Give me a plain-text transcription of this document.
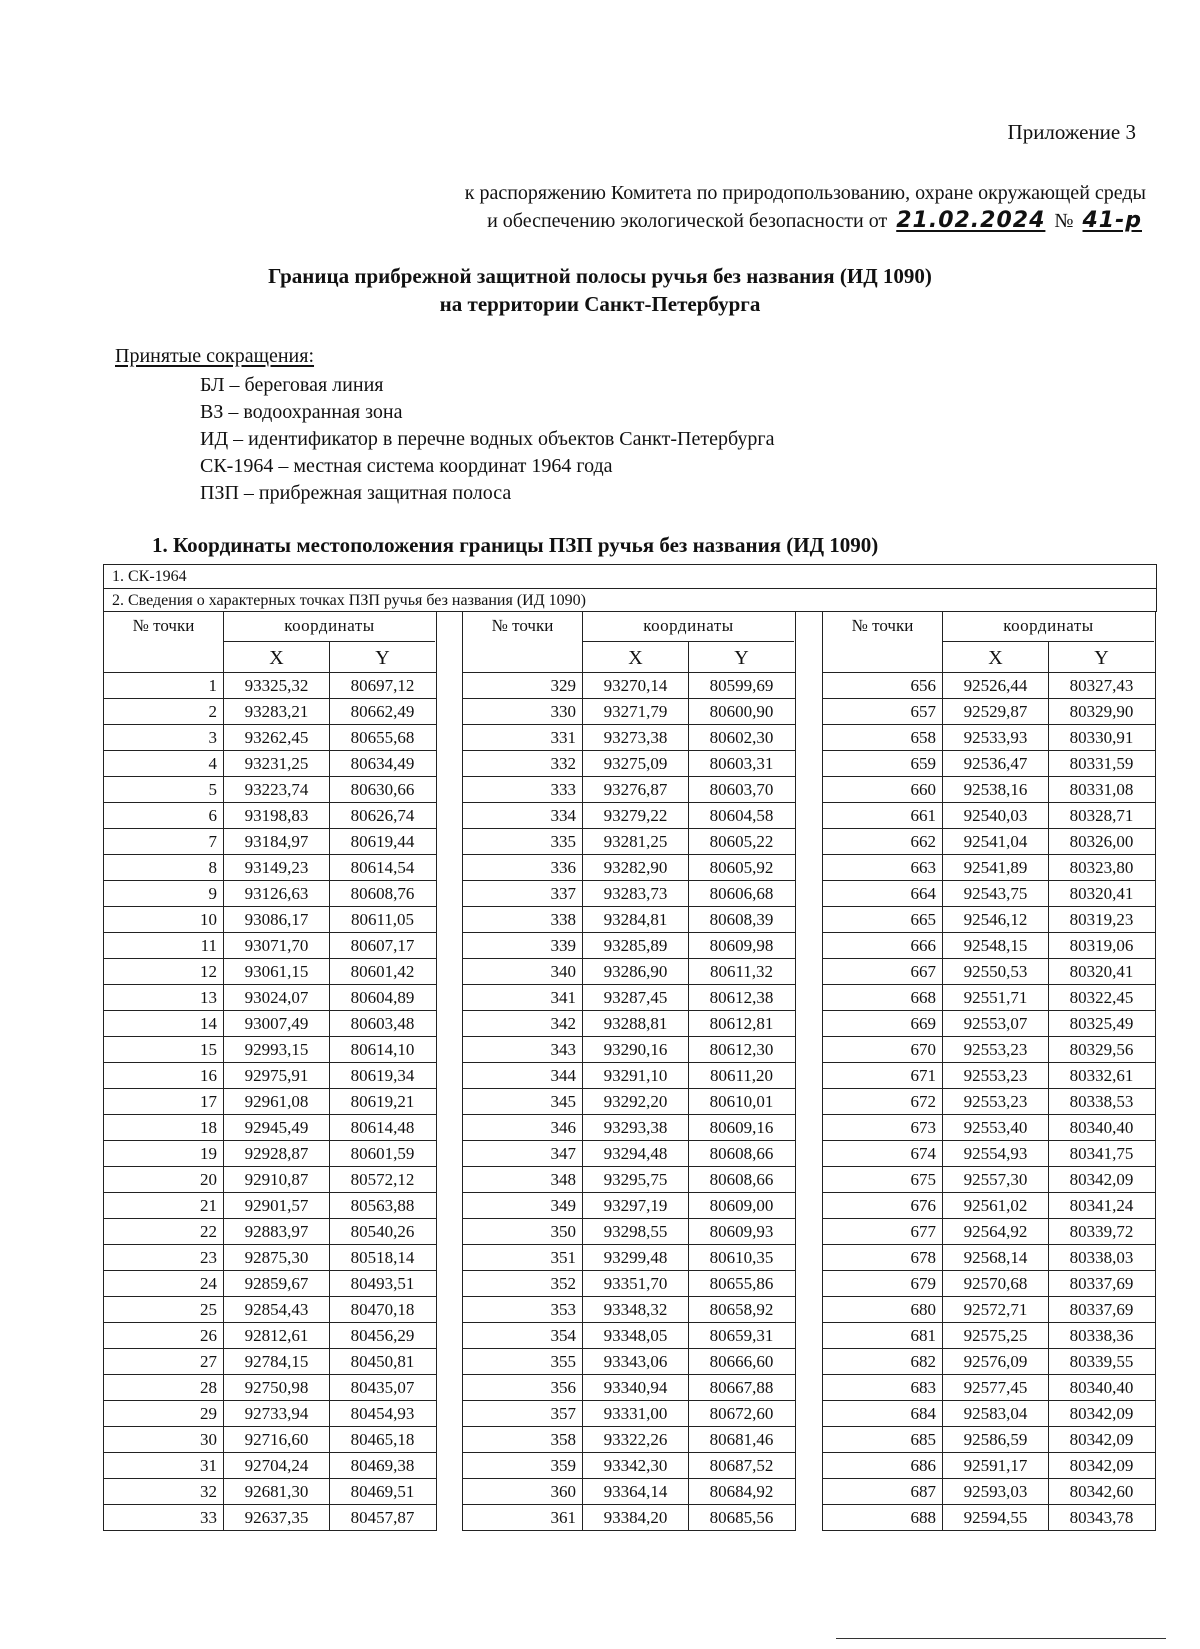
Приложение 3
к распоряжению Комитета по природопользованию, охране окружающей среды
и обеспечению экологической безопасности от 21.02.2024 № 41-р
Граница прибрежной защитной полосы ручья без названия (ИД 1090)
на территории Санкт-Петербурга
Принятые сокращения:
БЛ – береговая линия
ВЗ – водоохранная зона
ИД – идентификатор в перечне водных объектов Санкт-Петербурга
СК-1964 – местная система координат 1964 года
ПЗП – прибрежная защитная полоса
1. Координаты местоположения границы ПЗП ручья без названия (ИД 1090)
1. СК-1964
2. Сведения о характерных точках ПЗП ручья без названия (ИД 1090)
№ точки	координаты
X	Y
1	93325,32	80697,12
2	93283,21	80662,49
3	93262,45	80655,68
4	93231,25	80634,49
5	93223,74	80630,66
6	93198,83	80626,74
7	93184,97	80619,44
8	93149,23	80614,54
9	93126,63	80608,76
10	93086,17	80611,05
11	93071,70	80607,17
12	93061,15	80601,42
13	93024,07	80604,89
14	93007,49	80603,48
15	92993,15	80614,10
16	92975,91	80619,34
17	92961,08	80619,21
18	92945,49	80614,48
19	92928,87	80601,59
20	92910,87	80572,12
21	92901,57	80563,88
22	92883,97	80540,26
23	92875,30	80518,14
24	92859,67	80493,51
25	92854,43	80470,18
26	92812,61	80456,29
27	92784,15	80450,81
28	92750,98	80435,07
29	92733,94	80454,93
30	92716,60	80465,18
31	92704,24	80469,38
32	92681,30	80469,51
33	92637,35	80457,87
№ точки	координаты
X	Y
329	93270,14	80599,69
330	93271,79	80600,90
331	93273,38	80602,30
332	93275,09	80603,31
333	93276,87	80603,70
334	93279,22	80604,58
335	93281,25	80605,22
336	93282,90	80605,92
337	93283,73	80606,68
338	93284,81	80608,39
339	93285,89	80609,98
340	93286,90	80611,32
341	93287,45	80612,38
342	93288,81	80612,81
343	93290,16	80612,30
344	93291,10	80611,20
345	93292,20	80610,01
346	93293,38	80609,16
347	93294,48	80608,66
348	93295,75	80608,66
349	93297,19	80609,00
350	93298,55	80609,93
351	93299,48	80610,35
352	93351,70	80655,86
353	93348,32	80658,92
354	93348,05	80659,31
355	93343,06	80666,60
356	93340,94	80667,88
357	93331,00	80672,60
358	93322,26	80681,46
359	93342,30	80687,52
360	93364,14	80684,92
361	93384,20	80685,56
№ точки	координаты
X	Y
656	92526,44	80327,43
657	92529,87	80329,90
658	92533,93	80330,91
659	92536,47	80331,59
660	92538,16	80331,08
661	92540,03	80328,71
662	92541,04	80326,00
663	92541,89	80323,80
664	92543,75	80320,41
665	92546,12	80319,23
666	92548,15	80319,06
667	92550,53	80320,41
668	92551,71	80322,45
669	92553,07	80325,49
670	92553,23	80329,56
671	92553,23	80332,61
672	92553,23	80338,53
673	92553,40	80340,40
674	92554,93	80341,75
675	92557,30	80342,09
676	92561,02	80341,24
677	92564,92	80339,72
678	92568,14	80338,03
679	92570,68	80337,69
680	92572,71	80337,69
681	92575,25	80338,36
682	92576,09	80339,55
683	92577,45	80340,40
684	92583,04	80342,09
685	92586,59	80342,09
686	92591,17	80342,09
687	92593,03	80342,60
688	92594,55	80343,78
